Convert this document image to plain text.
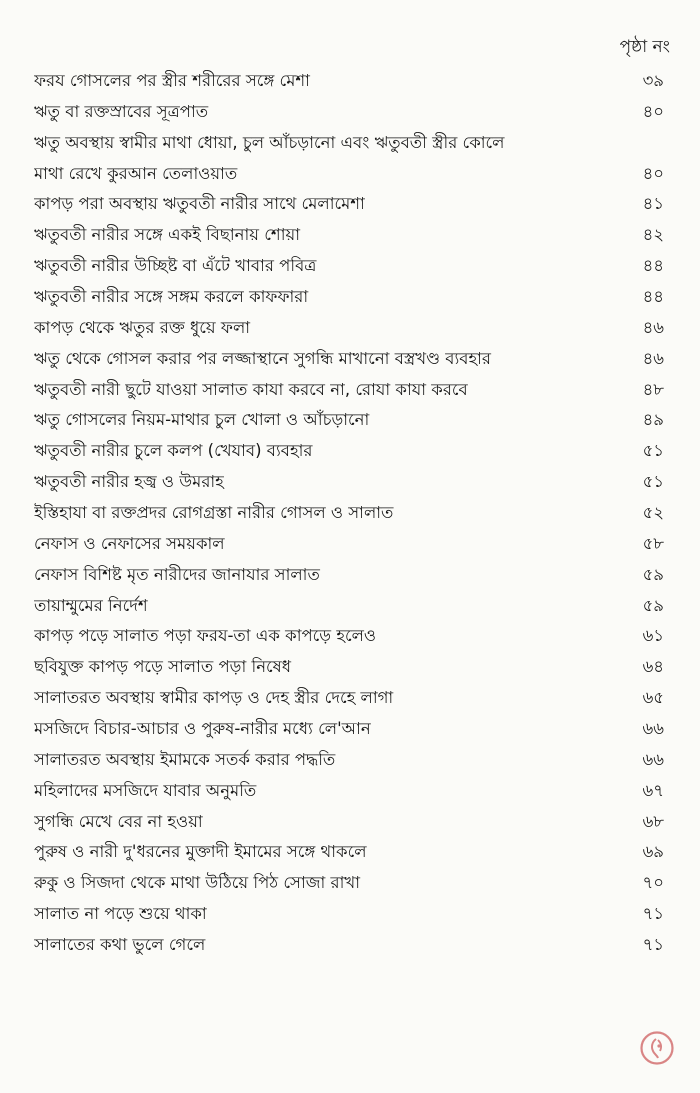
পৃষ্ঠা নং
ফরয গোসলের পর স্ত্রীর শরীরের সঙ্গে মেশা	৩৯
ঋতু বা রক্তস্রাবের সূত্রপাত	৪০
ঋতু অবস্থায় স্বামীর মাথা ধোয়া, চুল আঁচড়ানো এবং ঋতুবতী স্ত্রীর কোলে
মাথা রেখে কুরআন তেলাওয়াত	৪০
কাপড় পরা অবস্থায় ঋতুবতী নারীর সাথে মেলামেশা	৪১
ঋতুবতী নারীর সঙ্গে একই বিছানায় শোয়া	৪২
ঋতুবতী নারীর উচ্ছিষ্ট বা এঁটে খাবার পবিত্র	৪৪
ঋতুবতী নারীর সঙ্গে সঙ্গম করলে কাফফারা	৪৪
কাপড় থেকে ঋতুর রক্ত ধুয়ে ফলা	৪৬
ঋতু থেকে গোসল করার পর লজ্জাস্থানে সুগন্ধি মাখানো বস্ত্রখণ্ড ব্যবহার	৪৬
ঋতুবতী নারী ছুটে যাওয়া সালাত কাযা করবে না, রোযা কাযা করবে	৪৮
ঋতু গোসলের নিয়ম-মাথার চুল খোলা ও আঁচড়ানো	৪৯
ঋতুবতী নারীর চুলে কলপ (খেযাব) ব্যবহার	৫১
ঋতুবতী নারীর হজ্ব ও উমরাহ	৫১
ইস্তিহাযা বা রক্তপ্রদর রোগগ্রস্তা নারীর গোসল ও সালাত	৫২
নেফাস ও নেফাসের সময়কাল	৫৮
নেফাস বিশিষ্ট মৃত নারীদের জানাযার সালাত	৫৯
তায়াম্মুমের নির্দেশ	৫৯
কাপড় পড়ে সালাত পড়া ফরয-তা এক কাপড়ে হলেও	৬১
ছবিযুক্ত কাপড় পড়ে সালাত পড়া নিষেধ	৬৪
সালাতরত অবস্থায় স্বামীর কাপড় ও দেহ স্ত্রীর দেহে লাগা	৬৫
মসজিদে বিচার-আচার ও পুরুষ-নারীর মধ্যে লে'আন	৬৬
সালাতরত অবস্থায় ইমামকে সতর্ক করার পদ্ধতি	৬৬
মহিলাদের মসজিদে যাবার অনুমতি	৬৭
সুগন্ধি মেখে বের না হওয়া	৬৮
পুরুষ ও নারী দু'ধরনের মুক্তাদী ইমামের সঙ্গে থাকলে	৬৯
রুকু ও সিজদা থেকে মাথা উঠিয়ে পিঠ সোজা রাখা	৭০
সালাত না পড়ে শুয়ে থাকা	৭১
সালাতের কথা ভুলে গেলে	৭১
